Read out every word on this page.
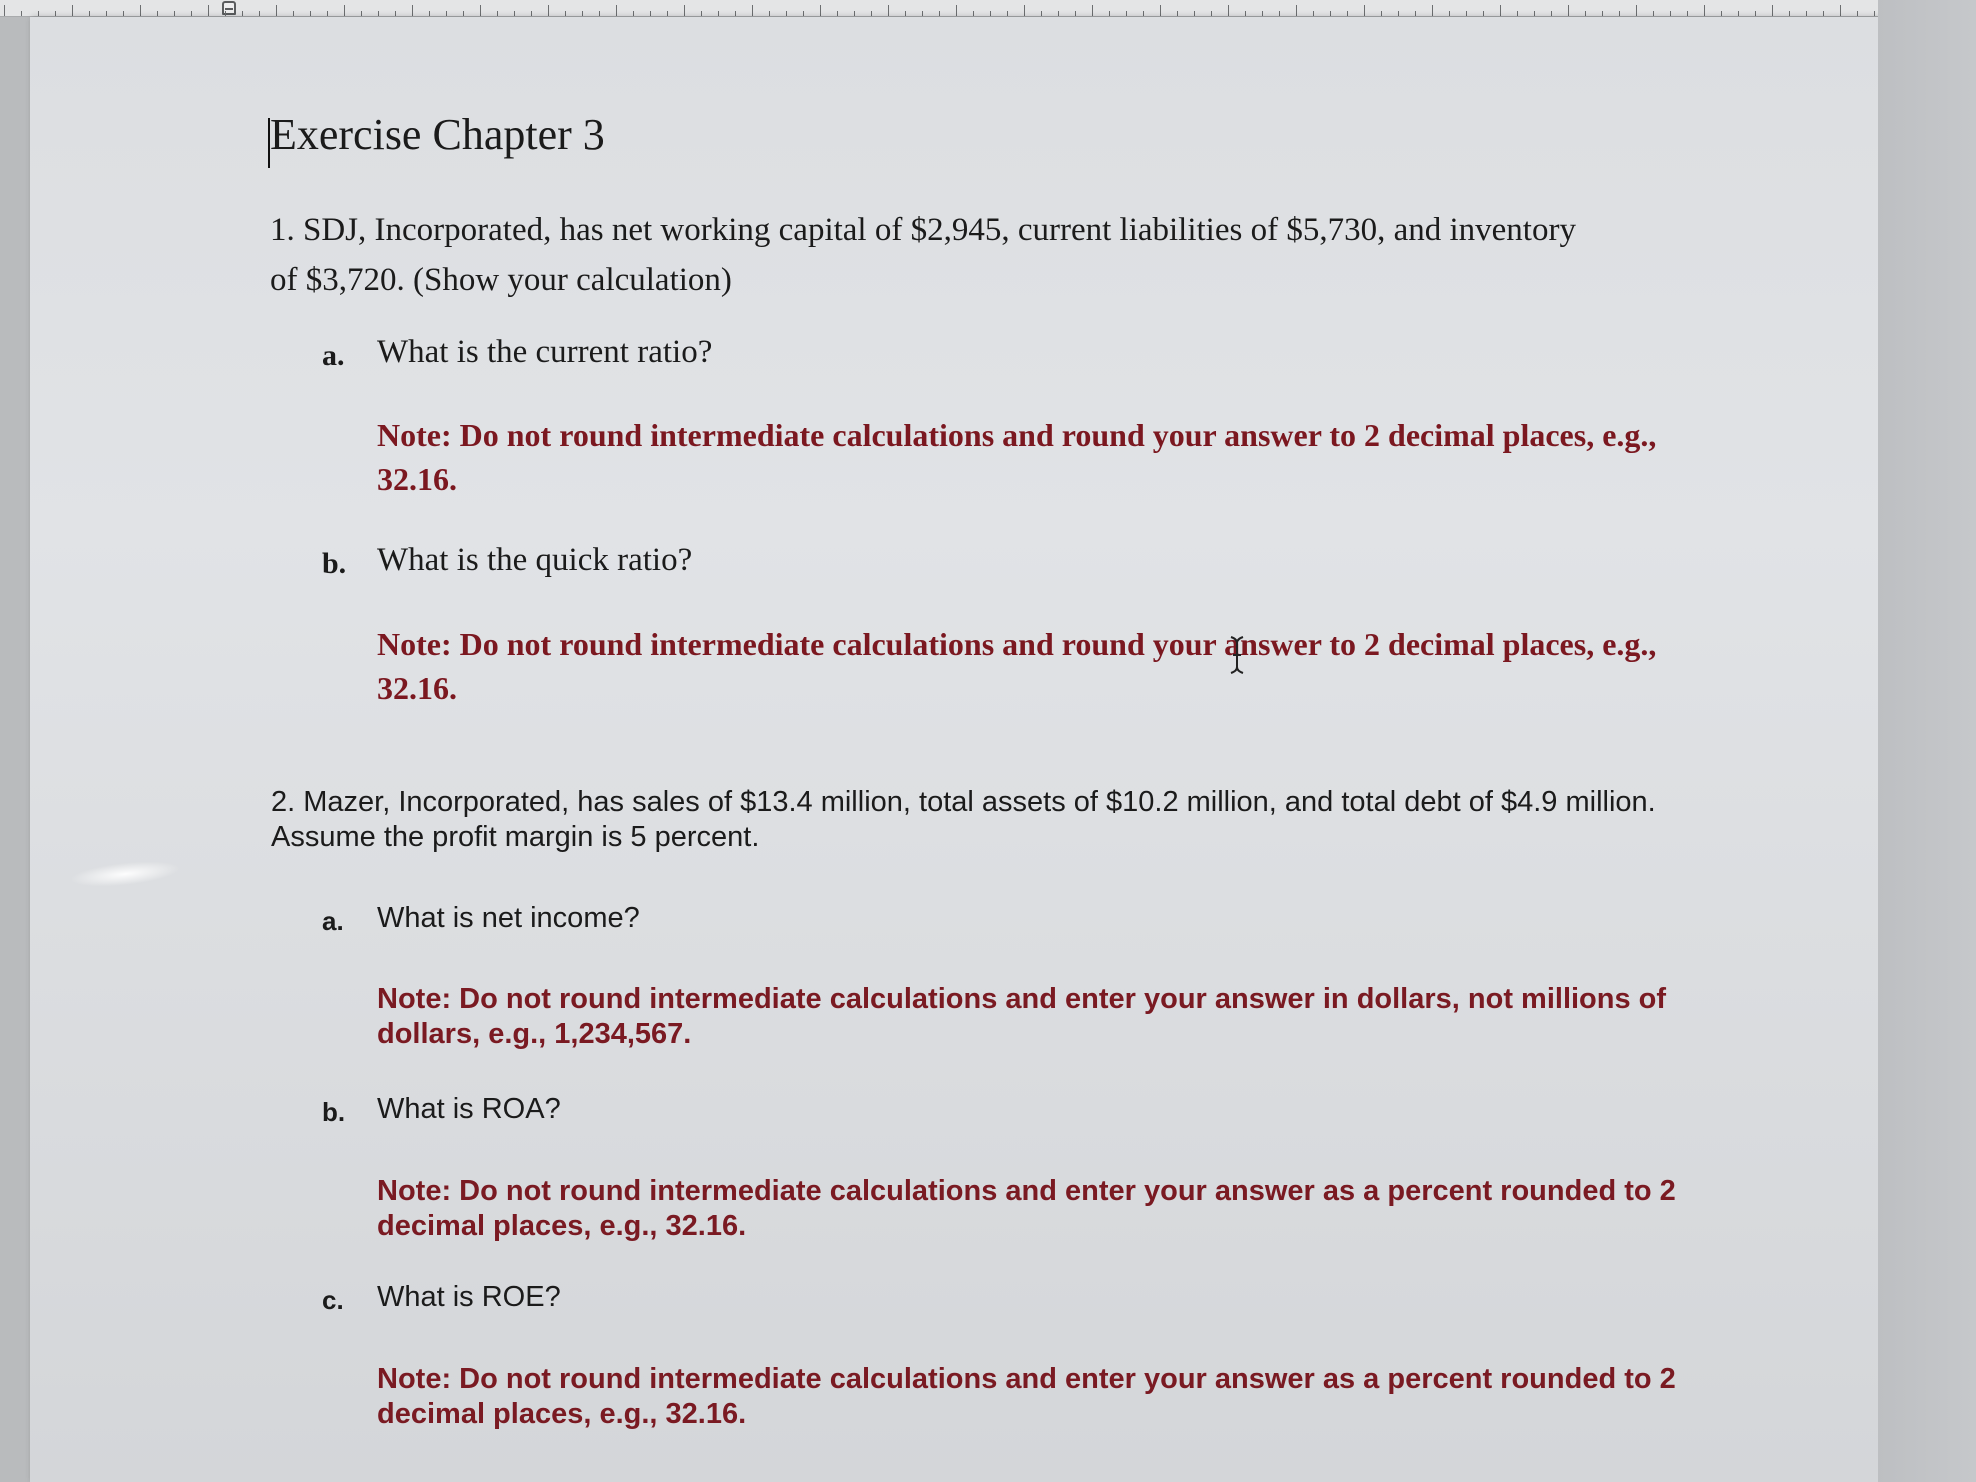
Exercise Chapter 3
1. SDJ, Incorporated, has net working capital of $2,945, current liabilities of $5,730, and inventory of $3,720. (Show your calculation)
a. What is the current ratio?
Note: Do not round intermediate calculations and round your answer to 2 decimal places, e.g., 32.16.
b. What is the quick ratio?
Note: Do not round intermediate calculations and round your answer to 2 decimal places, e.g., 32.16.
2. Mazer, Incorporated, has sales of $13.4 million, total assets of $10.2 million, and total debt of $4.9 million. Assume the profit margin is 5 percent.
a. What is net income?
Note: Do not round intermediate calculations and enter your answer in dollars, not millions of dollars, e.g., 1,234,567.
b. What is ROA?
Note: Do not round intermediate calculations and enter your answer as a percent rounded to 2 decimal places, e.g., 32.16.
c. What is ROE?
Note: Do not round intermediate calculations and enter your answer as a percent rounded to 2 decimal places, e.g., 32.16.
